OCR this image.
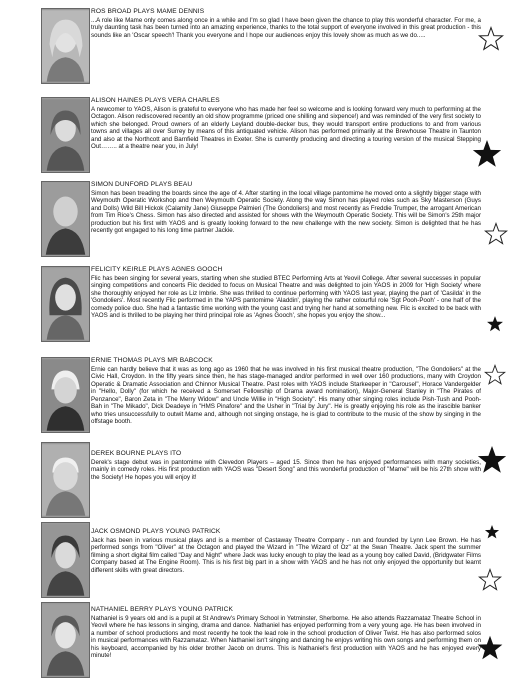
ROS BROAD PLAYS MAME DENNIS

...A role like Mame only comes along once in a while and I'm so glad I have been given the chance to play this wonderful character. For me, a truly daunting task has been turned into an amazing experience, thanks to the total support of everyone involved in this great production - this sounds like an 'Oscar speech'! Thank you everyone and I hope our audiences enjoy this lovely show as much as we do.....

ALISON HAINES PLAYS VERA CHARLES

A newcomer to YAOS, Alison is grateful to everyone who has made her feel so welcome and is looking forward very much to performing at the Octagon. Alison rediscovered recently an old show programme (priced one shilling and sixpence!) and was reminded of the very first society to which she belonged. Proud owners of an elderly Leyland double-decker bus, they would transport entire productions to and from various towns and villages all over Surrey by means of this antiquated vehicle. Alison has performed primarily at the Brewhouse Theatre in Taunton and also at the Northcott and Barnfield Theatres in Exeter. She is currently producing and directing a touring version of the musical Stepping Out…….. at a theatre near you, in July!

SIMON DUNFORD PLAYS BEAU

Simon has been treading the boards since the age of 4. After starting in the local village pantomime he moved onto a slightly bigger stage with Weymouth Operatic Workshop and then Weymouth Operatic Society. Along the way Simon has played roles such as Sky Masterson (Guys and Dolls) Wild Bill Hickok (Calamity Jane) Giuseppe Palmieri (The Gondoliers) and most recently as Freddie Trumper, the arrogant American from Tim Rice's Chess. Simon has also directed and assisted for shows with the Weymouth Operatic Society. This will be Simon's 25th major production but his first with YAOS and is greatly looking forward to the new challenge with the new society. Simon is delighted that he has recently got engaged to his long time partner Jackie.

FELICITY KEIRLE PLAYS AGNES GOOCH

Flic has been singing for several years, starting when she studied BTEC Performing Arts at Yeovil College. After several successes in popular singing competitions and concerts Flic decided to focus on Musical Theatre and was delighted to join YAOS in 2009 for 'High Society' where she thoroughly enjoyed her role as Liz Imbrie. She was thrilled to continue performing with YAOS last year, playing the part of 'Casilda' in the 'Gondoliers'. Most recently Flic performed in the YAPS pantomime 'Aladdin', playing the rather colourful role 'Sgt Pooh-Pooh' - one half of the comedy police duo. She had a fantastic time working with the young cast and trying her hand at something new. Flic is excited to be back with YAOS and is thrilled to be playing her third principal role as 'Agnes Gooch', she hopes you enjoy the show...

ERNIE THOMAS PLAYS MR BABCOCK

Ernie can hardly believe that it was as long ago as 1960 that he was involved in his first musical theatre production, "The Gondoliers" at the Civic Hall, Croydon. In the fifty years since then, he has stage-managed and/or performed in well over 160 productions, many with Croydon Operatic & Dramatic Association and Chinnor Musical Theatre. Past roles with YAOS include Starkeeper in "Carousel", Horace Vandergelder in "Hello, Dolly" (for which he received a Somerset Fellowship of Drama award nomination), Major-General Stanley in "The Pirates of Penzance", Baron Zeta in "The Merry Widow" and Uncle Willie in "High Society". His many other singing roles include Pish-Tush and Pooh-Bah in "The Mikado", Dick Deadeye in "HMS Pinafore" and the Usher in "Trial by Jury". He is greatly enjoying his role as the irascible banker who tries unsuccessfully to outwit Mame and, although not singing onstage, he is glad to contribute to the music of the show by singing in the offstage booth.

DEREK BOURNE PLAYS ITO

Derek's stage debut was in pantomime with Clevedon Players – aged 15. Since then he has enjoyed performances with many societies, mainly in comedy roles. His first production with YAOS was "Desert Song" and this wonderful production of "Mame" will be his 27th show with the Society! He hopes you will enjoy it!

JACK OSMOND PLAYS YOUNG PATRICK

Jack has been in various musical plays and is a member of Castaway Theatre Company - run and founded by Lynn Lee Brown. He has performed songs from "Oliver" at the Octagon and played the Wizard in "The Wizard of Oz" at the Swan Theatre. Jack spent the summer filming a short digital film called "Day and Night" where Jack was lucky enough to play the lead as a young boy called David, (Bridgwater Films Company based at The Engine Room). This is his first big part in a show with YAOS and he has not only enjoyed the opportunity but learnt different skills with great directors.

NATHANIEL BERRY PLAYS YOUNG PATRICK

Nathaniel is 9 years old and is a pupil at St Andrew's Primary School in Yetminster, Sherborne. He also attends Razzamataz Theatre School in Yeovil where he has lessons in singing, drama and dance. Nathaniel has enjoyed performing from a very young age. He has been involved in a number of school productions and most recently he took the lead role in the school production of Oliver Twist. He has also performed solos in musical performances with Razzamataz. When Nathaniel isn't singing and dancing he enjoys writing his own songs and performing them on his keyboard, accompanied by his older brother Jacob on drums. This is Nathaniel's first production with YAOS and he has enjoyed every minute!
